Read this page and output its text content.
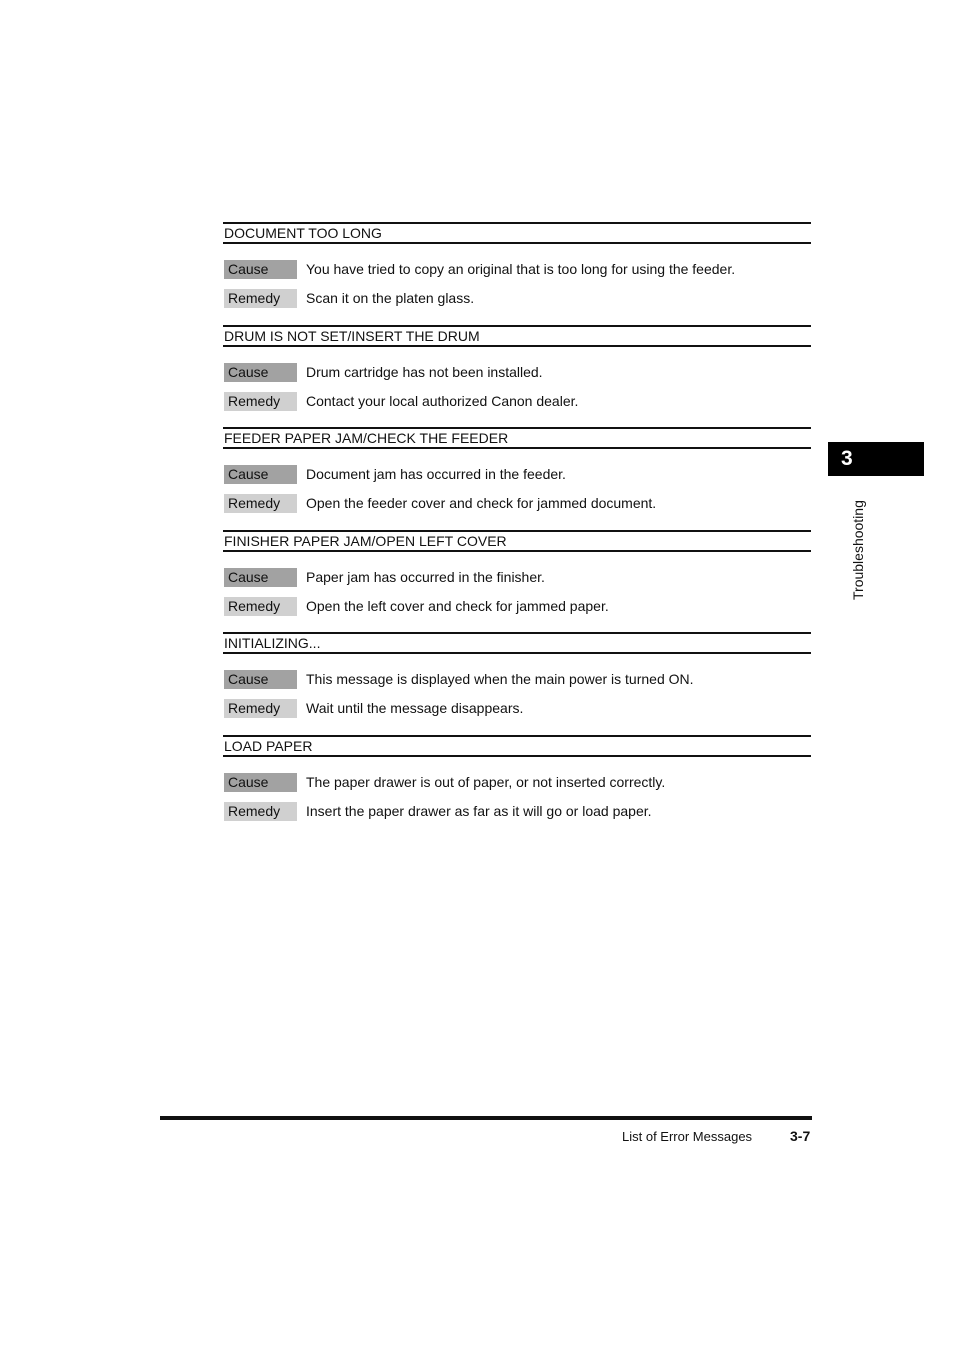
DOCUMENT TOO LONG
Cause	You have tried to copy an original that is too long for using the feeder.
Remedy	Scan it on the platen glass.
DRUM IS NOT SET/INSERT THE DRUM
Cause	Drum cartridge has not been installed.
Remedy	Contact your local authorized Canon dealer.
FEEDER PAPER JAM/CHECK THE FEEDER
Cause	Document jam has occurred in the feeder.
Remedy	Open the feeder cover and check for jammed document.
FINISHER PAPER JAM/OPEN LEFT COVER
Cause	Paper jam has occurred in the finisher.
Remedy	Open the left cover and check for jammed paper.
INITIALIZING...
Cause	This message is displayed when the main power is turned ON.
Remedy	Wait until the message disappears.
LOAD PAPER
Cause	The paper drawer is out of paper, or not inserted correctly.
Remedy	Insert the paper drawer as far as it will go or load paper.
3
Troubleshooting
List of Error Messages	3-7
